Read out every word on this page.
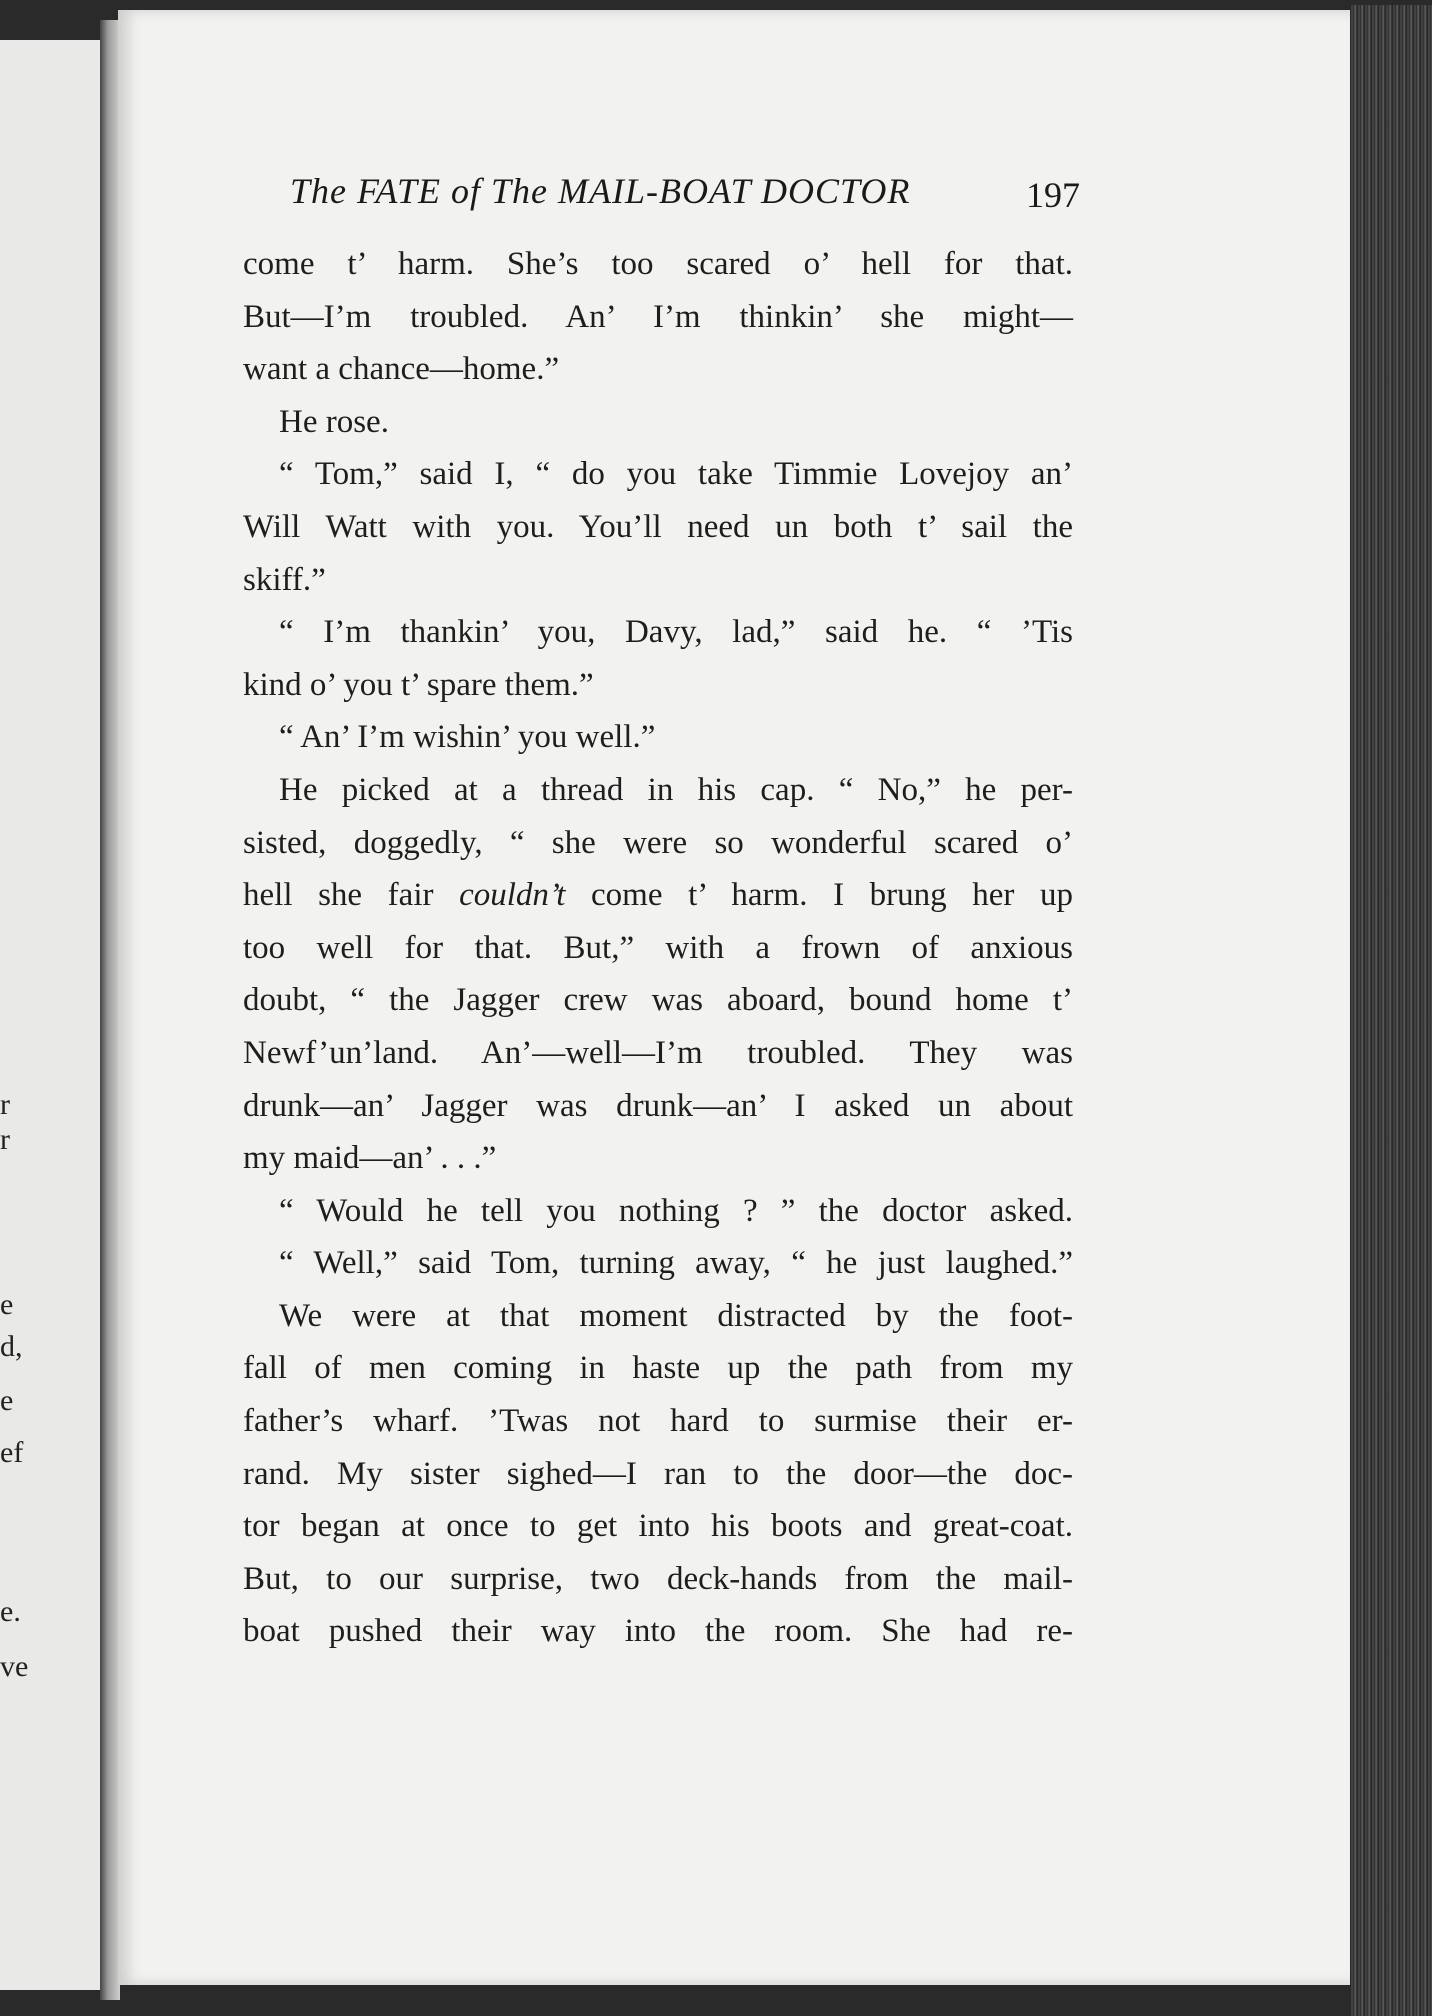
r
r
e
d,
e
ef
e.
ve
The FATE of The MAIL-BOAT DOCTOR	197
come t’ harm. She’s too scared o’ hell for that.
But—I’m troubled. An’ I’m thinkin’ she might—
want a chance—home.”
He rose.
“ Tom,” said I, “ do you take Timmie Lovejoy an’
Will Watt with you. You’ll need un both t’ sail the
skiff.”
“ I’m thankin’ you, Davy, lad,” said he. “ ’Tis
kind o’ you t’ spare them.”
“ An’ I’m wishin’ you well.”
He picked at a thread in his cap. “ No,” he per-
sisted, doggedly, “ she were so wonderful scared o’
hell she fair couldn’t come t’ harm. I brung her up
too well for that. But,” with a frown of anxious
doubt, “ the Jagger crew was aboard, bound home t’
Newf’un’land. An’—well—I’m troubled. They was
drunk—an’ Jagger was drunk—an’ I asked un about
my maid—an’ . . .”
“ Would he tell you nothing ? ” the doctor asked.
“ Well,” said Tom, turning away, “ he just laughed.”
We were at that moment distracted by the foot-
fall of men coming in haste up the path from my
father’s wharf. ’Twas not hard to surmise their er-
rand. My sister sighed—I ran to the door—the doc-
tor began at once to get into his boots and great-coat.
But, to our surprise, two deck-hands from the mail-
boat pushed their way into the room. She had re-
